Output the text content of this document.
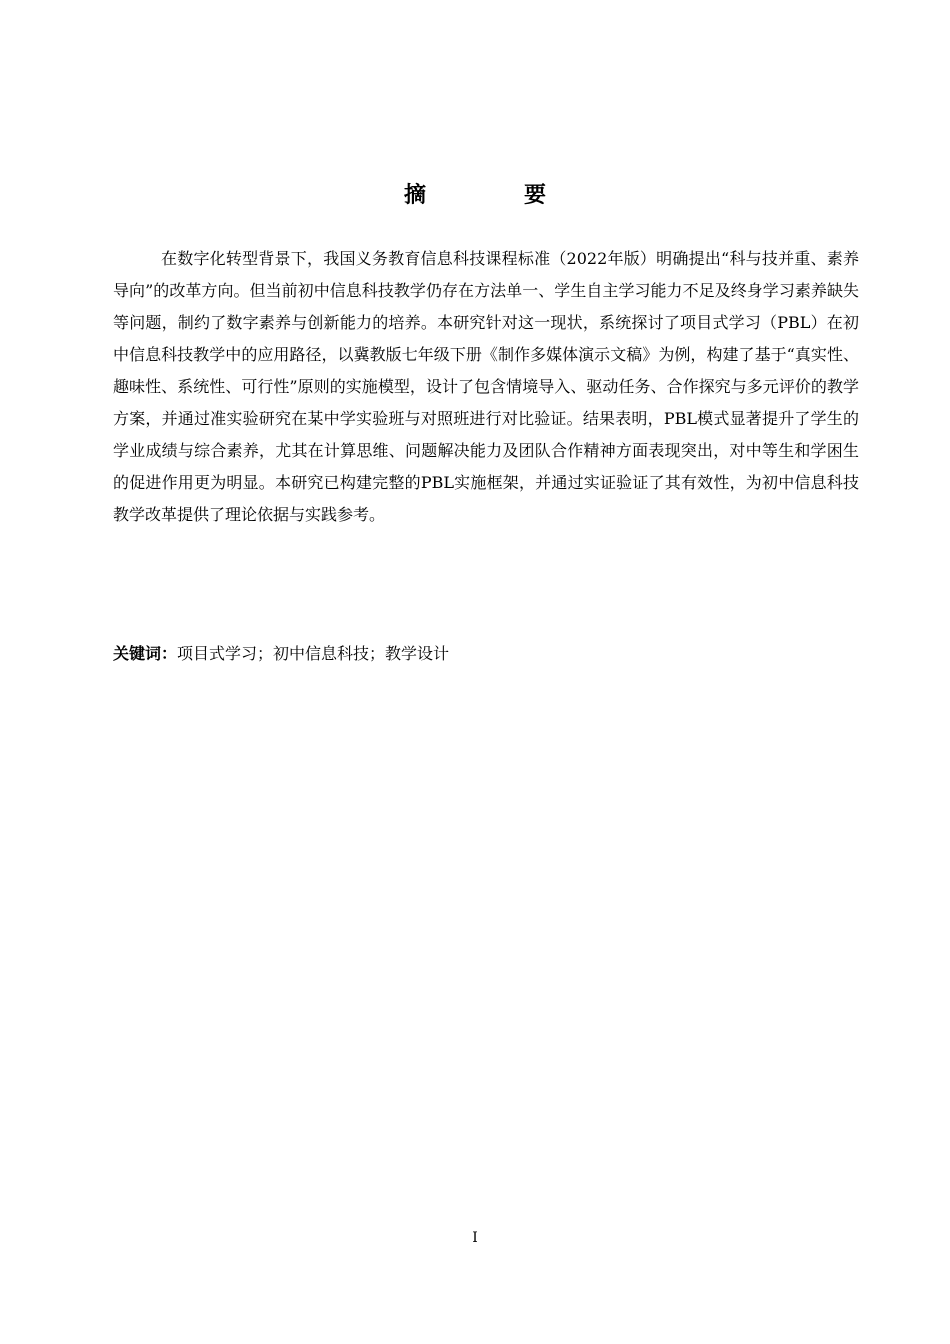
摘　要

在数字化转型背景下，我国义务教育信息科技课程标准（2022年版）明确提出“科与技并重、素养导向”的改革方向。但当前初中信息科技教学仍存在方法单一、学生自主学习能力不足及终身学习素养缺失等问题，制约了数字素养与创新能力的培养。本研究针对这一现状，系统探讨了项目式学习（PBL）在初中信息科技教学中的应用路径，以冀教版七年级下册《制作多媒体演示文稿》为例，构建了基于“真实性、趣味性、系统性、可行性”原则的实施模型，设计了包含情境导入、驱动任务、合作探究与多元评价的教学方案，并通过准实验研究在某中学实验班与对照班进行对比验证。结果表明，PBL模式显著提升了学生的学业成绩与综合素养，尤其在计算思维、问题解决能力及团队合作精神方面表现突出，对中等生和学困生的促进作用更为明显。本研究已构建完整的PBL实施框架，并通过实证验证了其有效性，为初中信息科技教学改革提供了理论依据与实践参考。

关键词：项目式学习；初中信息科技；教学设计

I
